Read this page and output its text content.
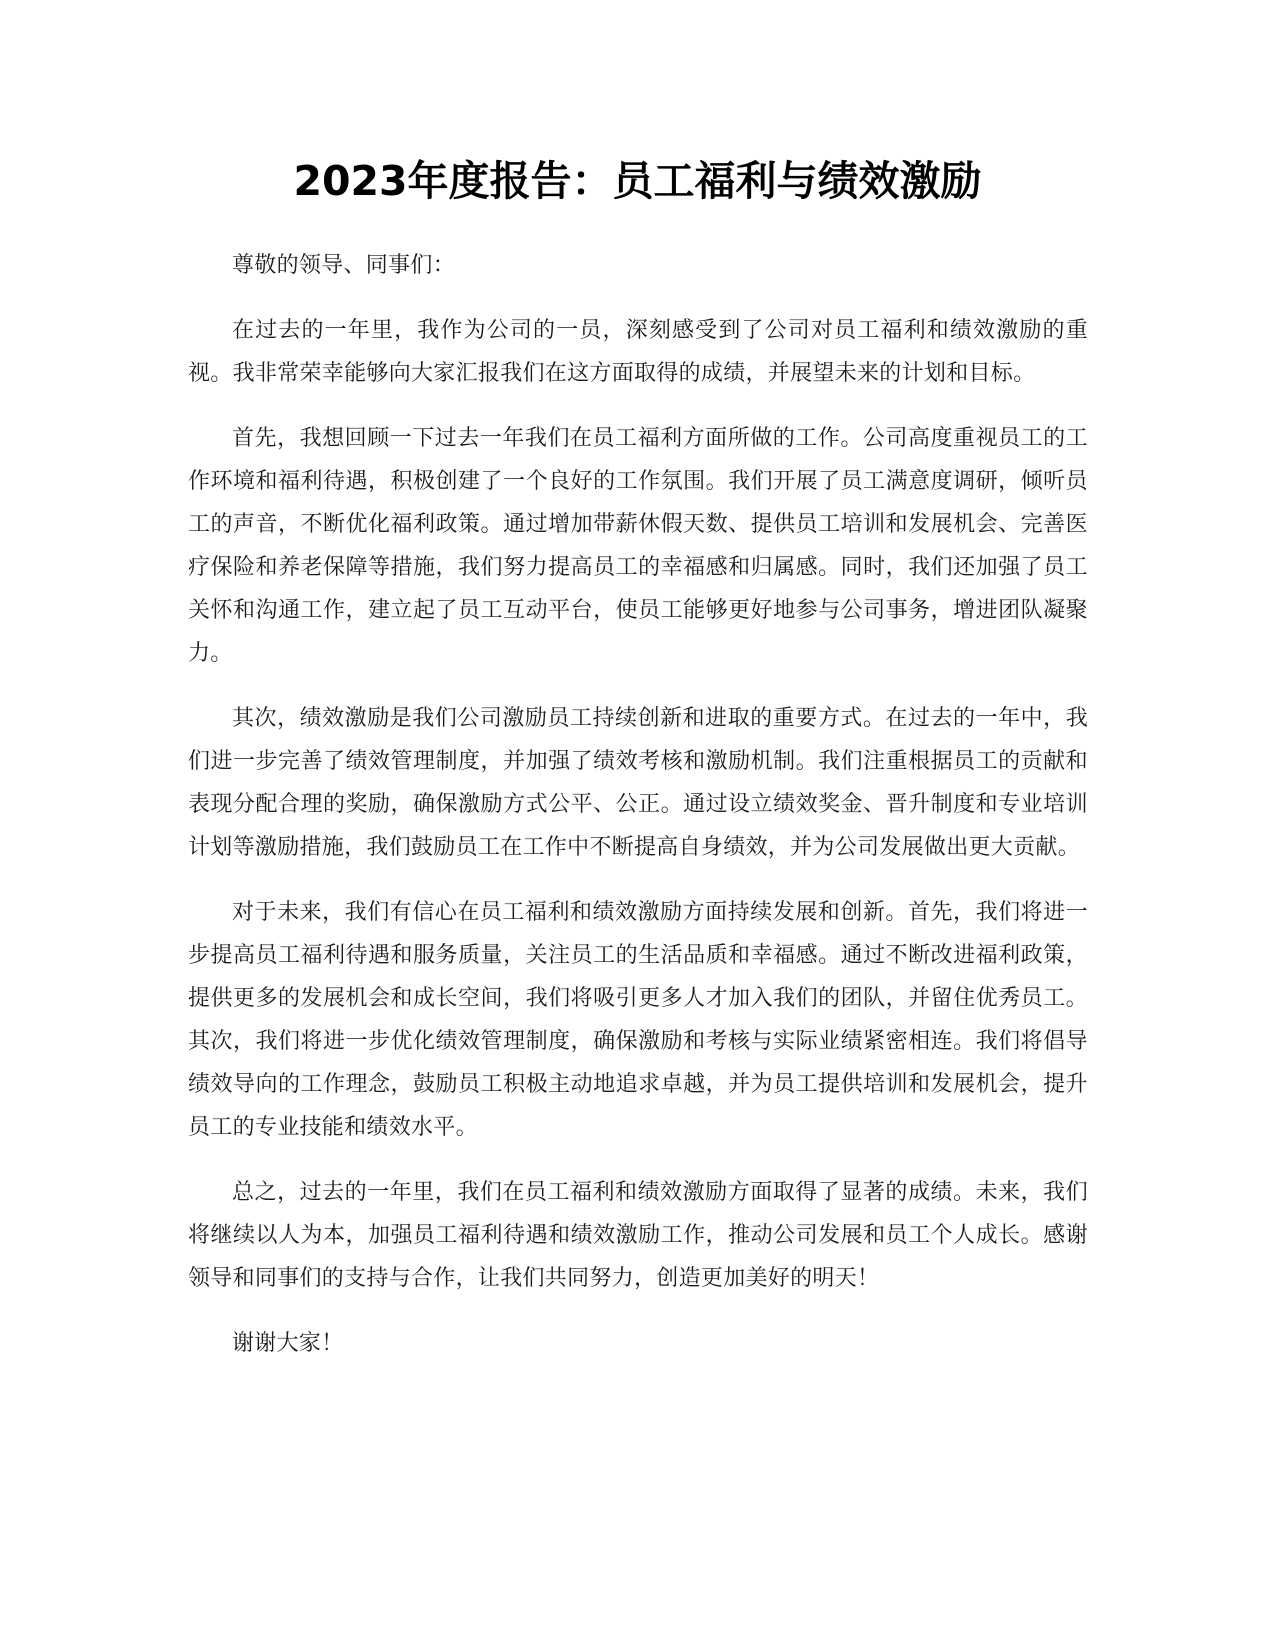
2023年度报告：员工福利与绩效激励

尊敬的领导、同事们：

在过去的一年里，我作为公司的一员，深刻感受到了公司对员工福利和绩效激励的重视。我非常荣幸能够向大家汇报我们在这方面取得的成绩，并展望未来的计划和目标。

首先，我想回顾一下过去一年我们在员工福利方面所做的工作。公司高度重视员工的工作环境和福利待遇，积极创建了一个良好的工作氛围。我们开展了员工满意度调研，倾听员工的声音，不断优化福利政策。通过增加带薪休假天数、提供员工培训和发展机会、完善医疗保险和养老保障等措施，我们努力提高员工的幸福感和归属感。同时，我们还加强了员工关怀和沟通工作，建立起了员工互动平台，使员工能够更好地参与公司事务，增进团队凝聚力。

其次，绩效激励是我们公司激励员工持续创新和进取的重要方式。在过去的一年中，我们进一步完善了绩效管理制度，并加强了绩效考核和激励机制。我们注重根据员工的贡献和表现分配合理的奖励，确保激励方式公平、公正。通过设立绩效奖金、晋升制度和专业培训计划等激励措施，我们鼓励员工在工作中不断提高自身绩效，并为公司发展做出更大贡献。

对于未来，我们有信心在员工福利和绩效激励方面持续发展和创新。首先，我们将进一步提高员工福利待遇和服务质量，关注员工的生活品质和幸福感。通过不断改进福利政策，提供更多的发展机会和成长空间，我们将吸引更多人才加入我们的团队，并留住优秀员工。其次，我们将进一步优化绩效管理制度，确保激励和考核与实际业绩紧密相连。我们将倡导绩效导向的工作理念，鼓励员工积极主动地追求卓越，并为员工提供培训和发展机会，提升员工的专业技能和绩效水平。

总之，过去的一年里，我们在员工福利和绩效激励方面取得了显著的成绩。未来，我们将继续以人为本，加强员工福利待遇和绩效激励工作，推动公司发展和员工个人成长。感谢领导和同事们的支持与合作，让我们共同努力，创造更加美好的明天！

谢谢大家！
